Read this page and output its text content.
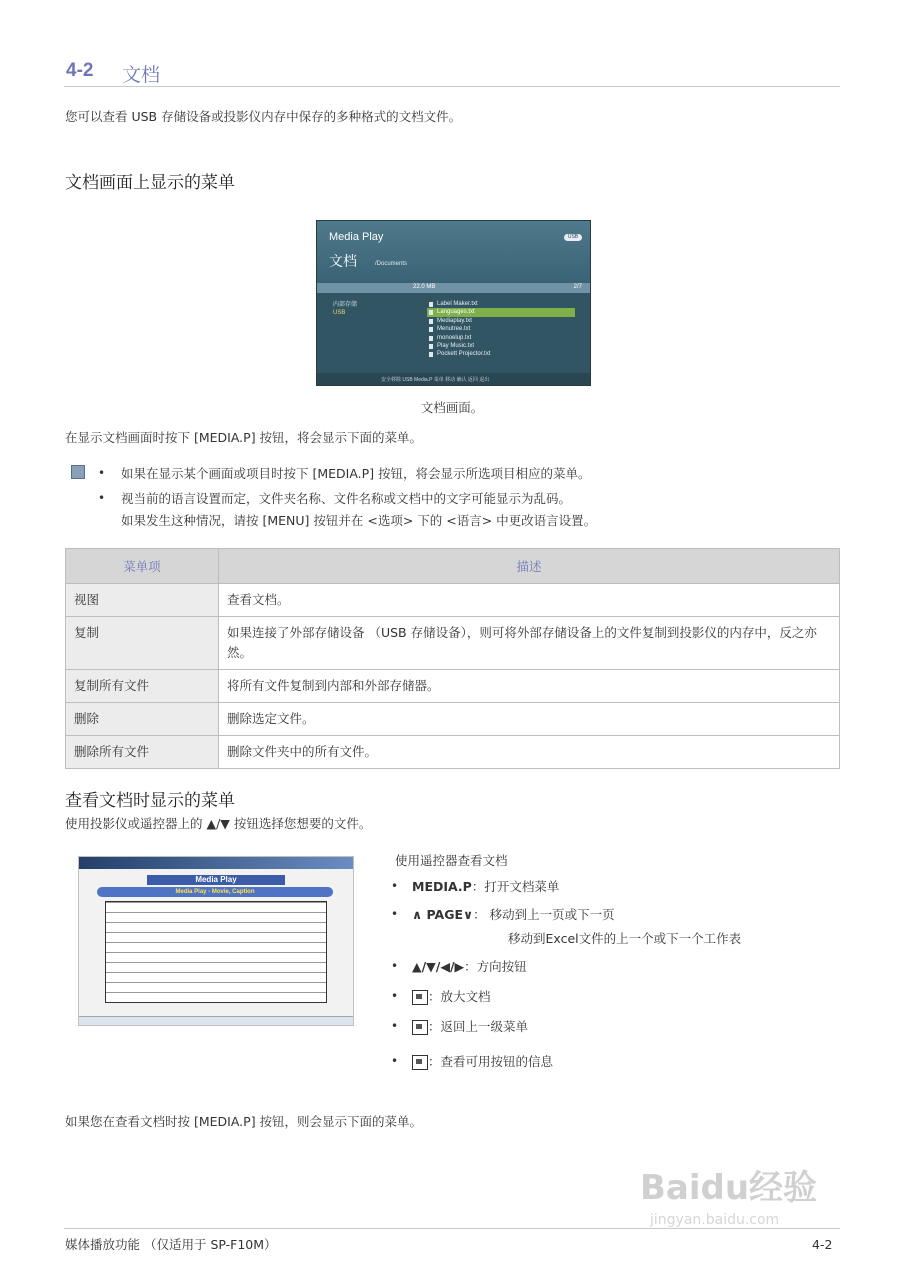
4-2 文档
您可以查看 USB 存储设备或投影仪内存中保存的多种格式的文档文件。
文档画面上显示的菜单
Media Play
文档	/Documents
USB
22.0 MB	2/7
内部存储
USB
Label Maker.txt
Languages.txt
Mediaplay.txt
Menutree.txt
monoelup.txt
Play Music.txt
Pockett Projector.txt
安全移除 USB Media.P 菜单 移动 确认 返回 退出
文档画面。
在显示文档画面时按下 [MEDIA.P] 按钮，将会显示下面的菜单。
• 如果在显示某个画面或项目时按下 [MEDIA.P] 按钮，将会显示所选项目相应的菜单。
• 视当前的语言设置而定，文件夹名称、文件名称或文档中的文字可能显示为乱码。
如果发生这种情况，请按 [MENU] 按钮并在 <选项> 下的 <语言> 中更改语言设置。
菜单项	描述
视图	查看文档。
复制	如果连接了外部存储设备 （USB 存储设备），则可将外部存储设备上的文件复制到投影仪的内存中，反之亦然。
复制所有文件	将所有文件复制到内部和外部存储器。
删除	删除选定文件。
删除所有文件	删除文件夹中的所有文件。
查看文档时显示的菜单
使用投影仪或遥控器上的 ▲/▼ 按钮选择您想要的文件。
Media Play
Media Play - Movie, Caption
使用遥控器查看文档
• MEDIA.P：打开文档菜单
• ∧ PAGE∨： 移动到上一页或下一页
移动到Excel文件的上一个或下一个工作表
• ▲/▼/◀/▶：方向按钮
•	：放大文档
•	：返回上一级菜单
•	：查看可用按钮的信息
如果您在查看文档时按 [MEDIA.P] 按钮，则会显示下面的菜单。
Baidu经验
jingyan.baidu.com
媒体播放功能 （仅适用于 SP-F10M）	4-2
